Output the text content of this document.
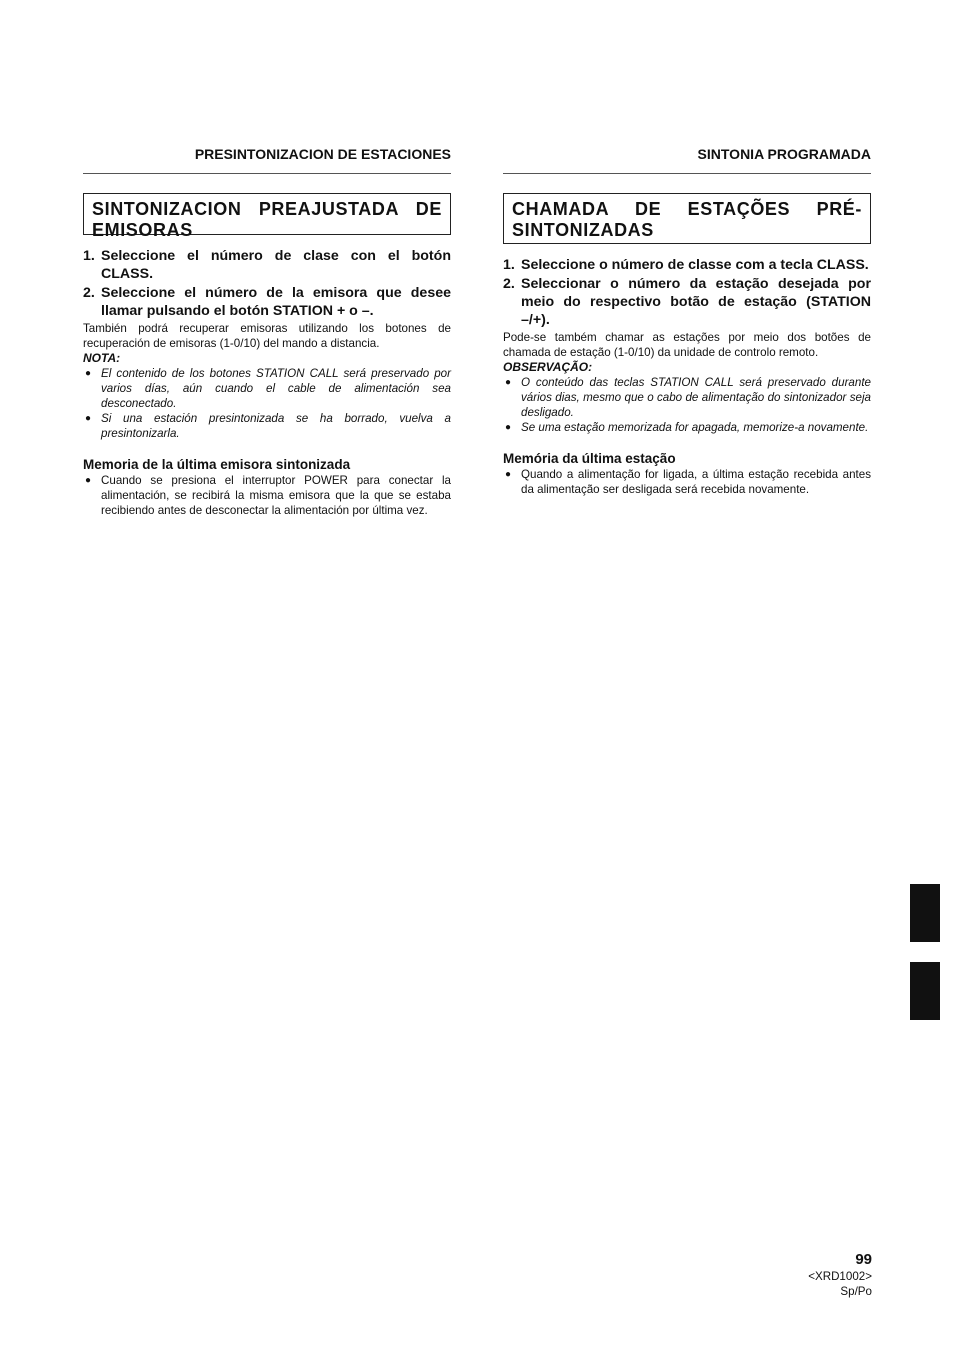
PRESINTONIZACION DE ESTACIONES
SINTONIZACION PREAJUSTADA DE EMISORAS
1. Seleccione el número de clase con el botón CLASS.
2. Seleccione el número de la emisora que desee llamar pulsando el botón STATION + o –.

También podrá recuperar emisoras utilizando los botones de recuperación de emisoras (1-0/10) del mando a distancia.

NOTA:
● El contenido de los botones STATION CALL será preservado por varios días, aún cuando el cable de alimentación sea desconectado.
● Si una estación presintonizada se ha borrado, vuelva a presintonizarla.
Memoria de la última emisora sintonizada
● Cuando se presiona el interruptor POWER para conectar la alimentación, se recibirá la misma emisora que la que se estaba recibiendo antes de desconectar la alimentación por última vez.
SINTONIA PROGRAMADA
CHAMADA DE ESTAÇÕES PRÉ-SINTONIZADAS
1. Seleccione o número de classe com a tecla CLASS.
2. Seleccionar o número da estação desejada por meio do respectivo botão de estação (STATION –/+).

Pode-se também chamar as estações por meio dos botões de chamada de estação (1-0/10) da unidade de controlo remoto.

OBSERVAÇÃO:
● O conteúdo das teclas STATION CALL será preservado durante vários dias, mesmo que o cabo de alimentação do sintonizador seja desligado.
● Se uma estação memorizada for apagada, memorize-a novamente.
Memória da última estação
● Quando a alimentação for ligada, a última estação recebida antes da alimentação ser desligada será recebida novamente.
99
<XRD1002>
Sp/Po
